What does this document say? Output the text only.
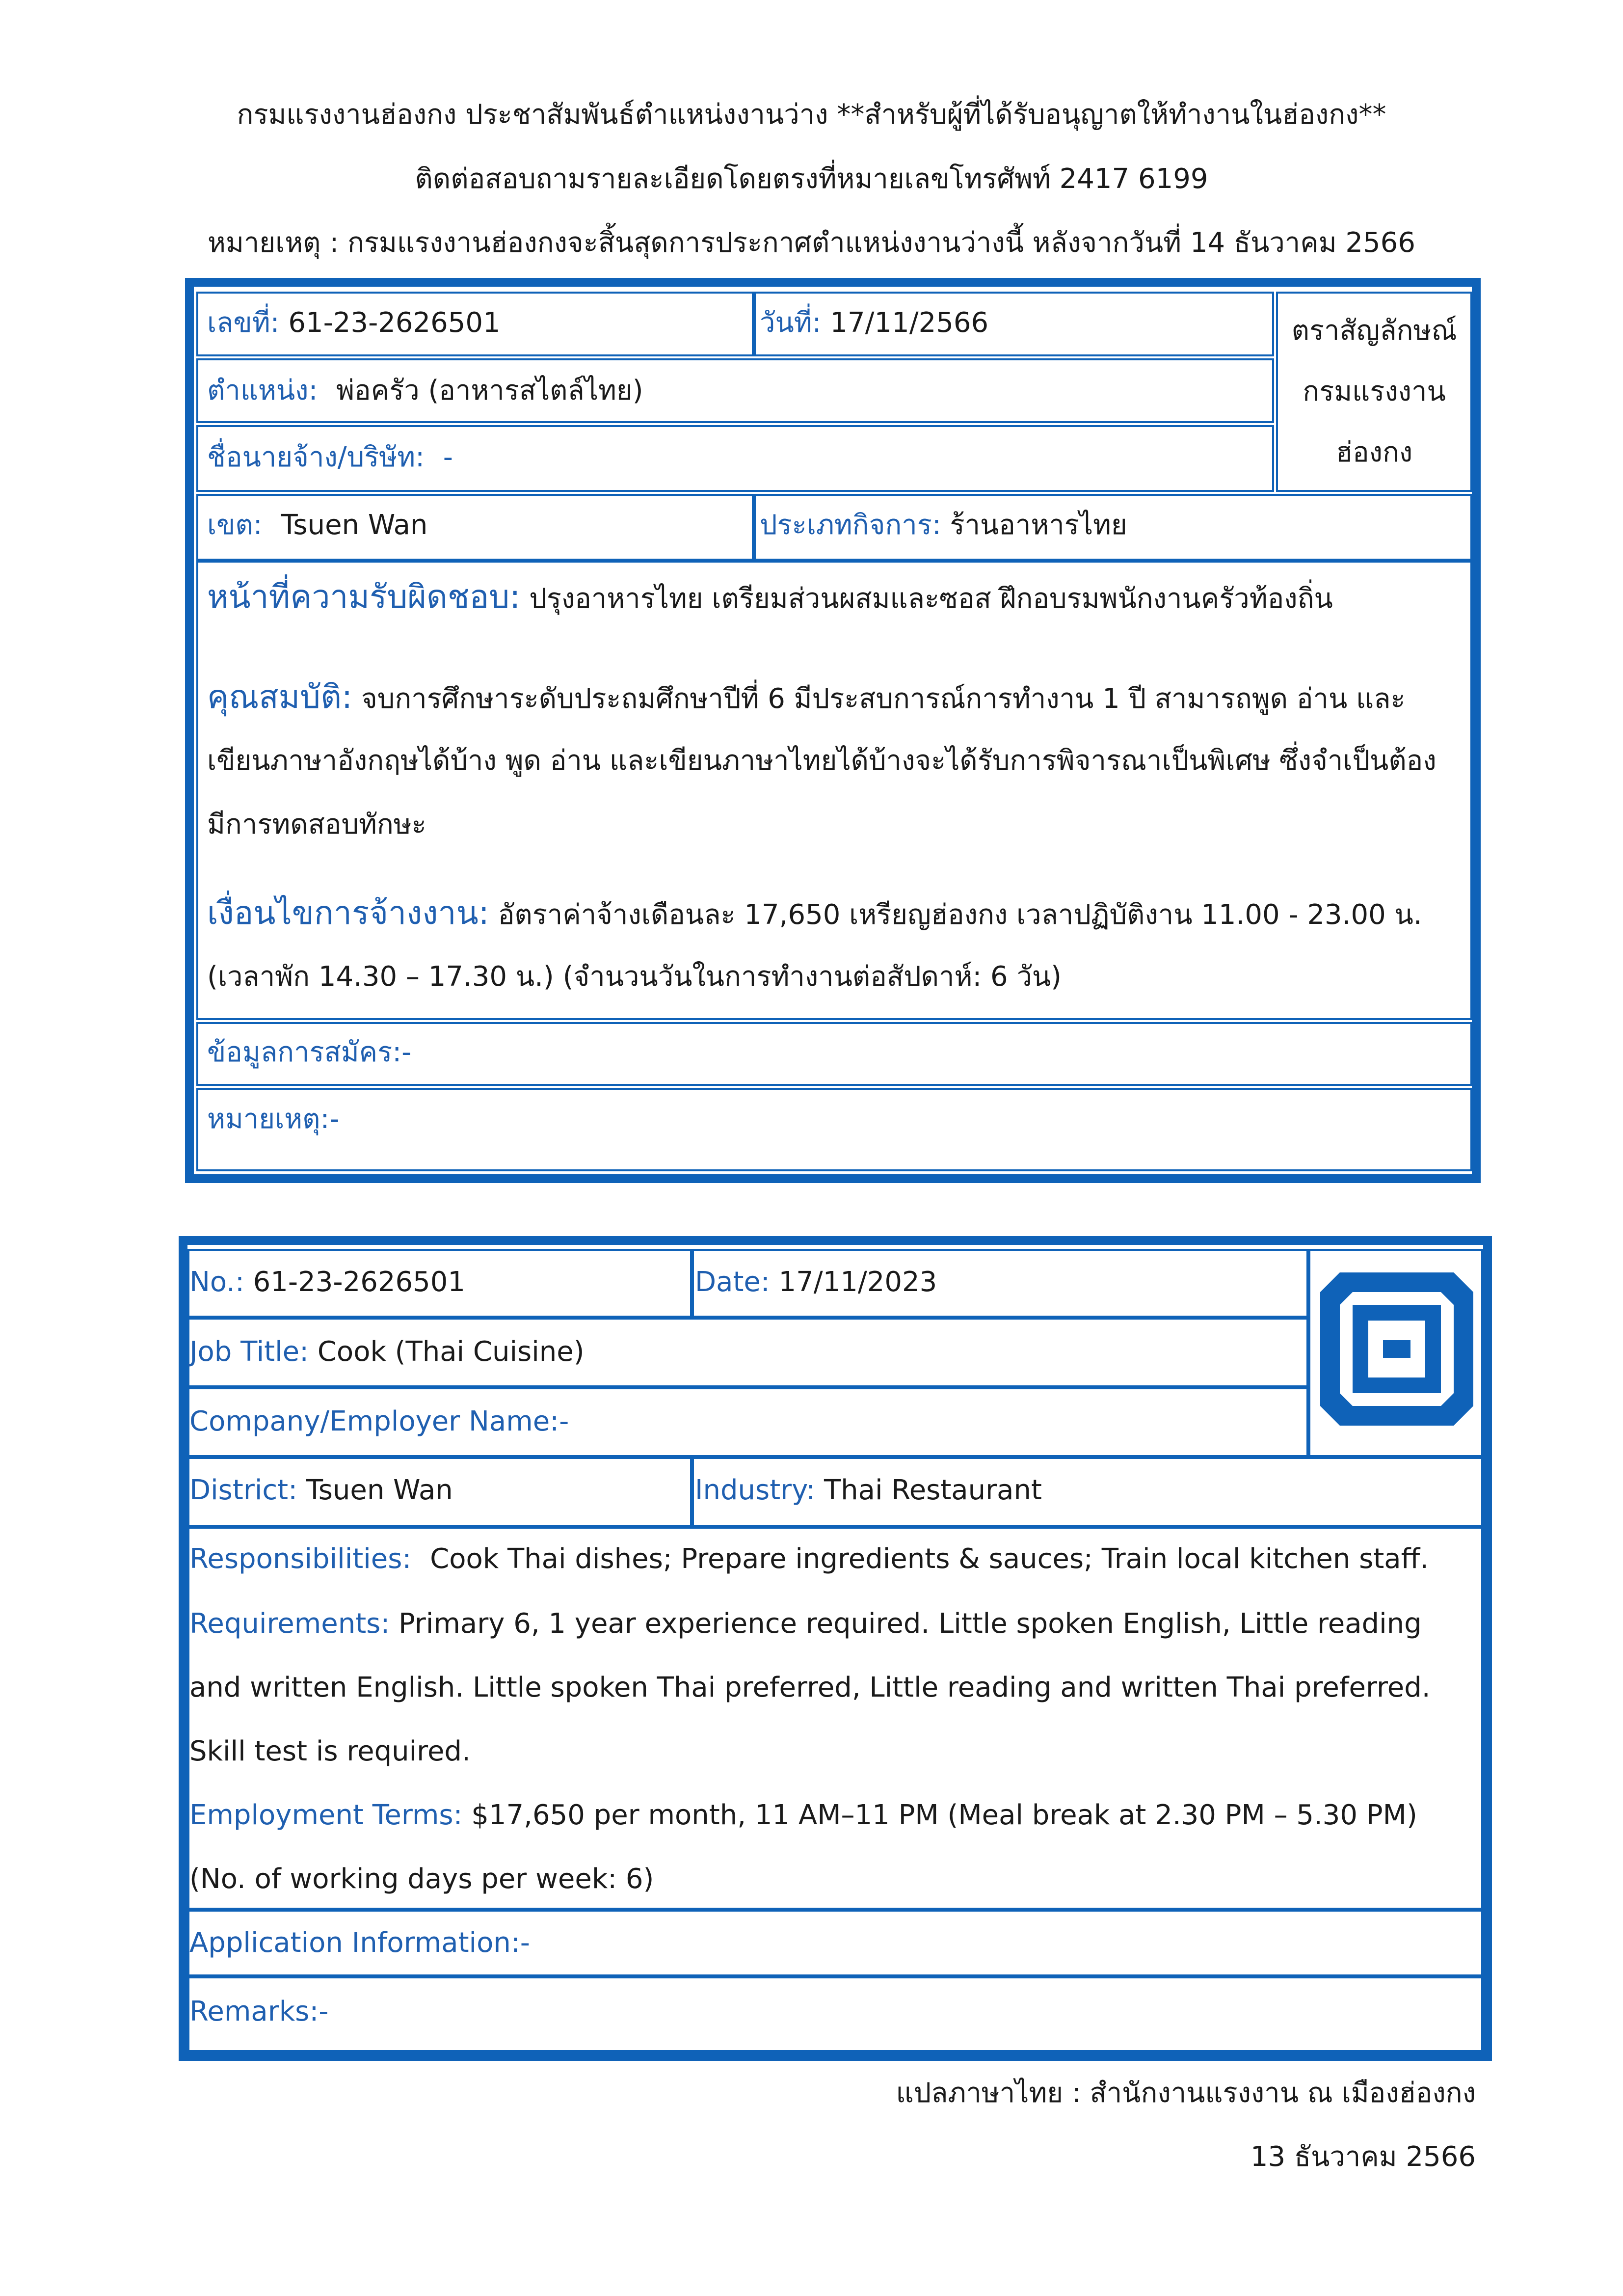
กรมแรงงานฮ่องกง ประชาสัมพันธ์ตำแหน่งงานว่าง **สำหรับผู้ที่ได้รับอนุญาตให้ทำงานในฮ่องกง**
ติดต่อสอบถามรายละเอียดโดยตรงที่หมายเลขโทรศัพท์ 2417 6199
หมายเหตุ : กรมแรงงานฮ่องกงจะสิ้นสุดการประกาศตำแหน่งงานว่างนี้ หลังจากวันที่ 14 ธันวาคม 2566
เลขที่: 61-23-2626501	วันที่: 17/11/2566	ตราสัญลักษณ์
กรมแรงงาน
ฮ่องกง
ตำแหน่ง: พ่อครัว (อาหารสไตล์ไทย)
ชื่อนายจ้าง/บริษัท: -
เขต: Tsuen Wan	ประเภทกิจการ: ร้านอาหารไทย
หน้าที่ความรับผิดชอบ: ปรุงอาหารไทย เตรียมส่วนผสมและซอส ฝึกอบรมพนักงานครัวท้องถิ่น
คุณสมบัติ: จบการศึกษาระดับประถมศึกษาปีที่ 6 มีประสบการณ์การทำงาน 1 ปี สามารถพูด อ่าน และ
เขียนภาษาอังกฤษได้บ้าง พูด อ่าน และเขียนภาษาไทยได้บ้างจะได้รับการพิจารณาเป็นพิเศษ ซึ่งจำเป็นต้อง
มีการทดสอบทักษะ
เงื่อนไขการจ้างงาน: อัตราค่าจ้างเดือนละ 17,650 เหรียญฮ่องกง เวลาปฏิบัติงาน 11.00 - 23.00 น.
(เวลาพัก 14.30 – 17.30 น.) (จำนวนวันในการทำงานต่อสัปดาห์: 6 วัน)
ข้อมูลการสมัคร:-
หมายเหตุ:-
No.: 61-23-2626501	Date: 17/11/2023
Job Title: Cook (Thai Cuisine)
Company/Employer Name:-
District: Tsuen Wan	Industry: Thai Restaurant
Responsibilities: Cook Thai dishes; Prepare ingredients & sauces; Train local kitchen staff.
Requirements: Primary 6, 1 year experience required. Little spoken English, Little reading
and written English. Little spoken Thai preferred, Little reading and written Thai preferred.
Skill test is required.
Employment Terms: $17,650 per month, 11 AM–11 PM (Meal break at 2.30 PM – 5.30 PM)
(No. of working days per week: 6)
Application Information:-
Remarks:-
แปลภาษาไทย : สำนักงานแรงงาน ณ เมืองฮ่องกง
13 ธันวาคม 2566
